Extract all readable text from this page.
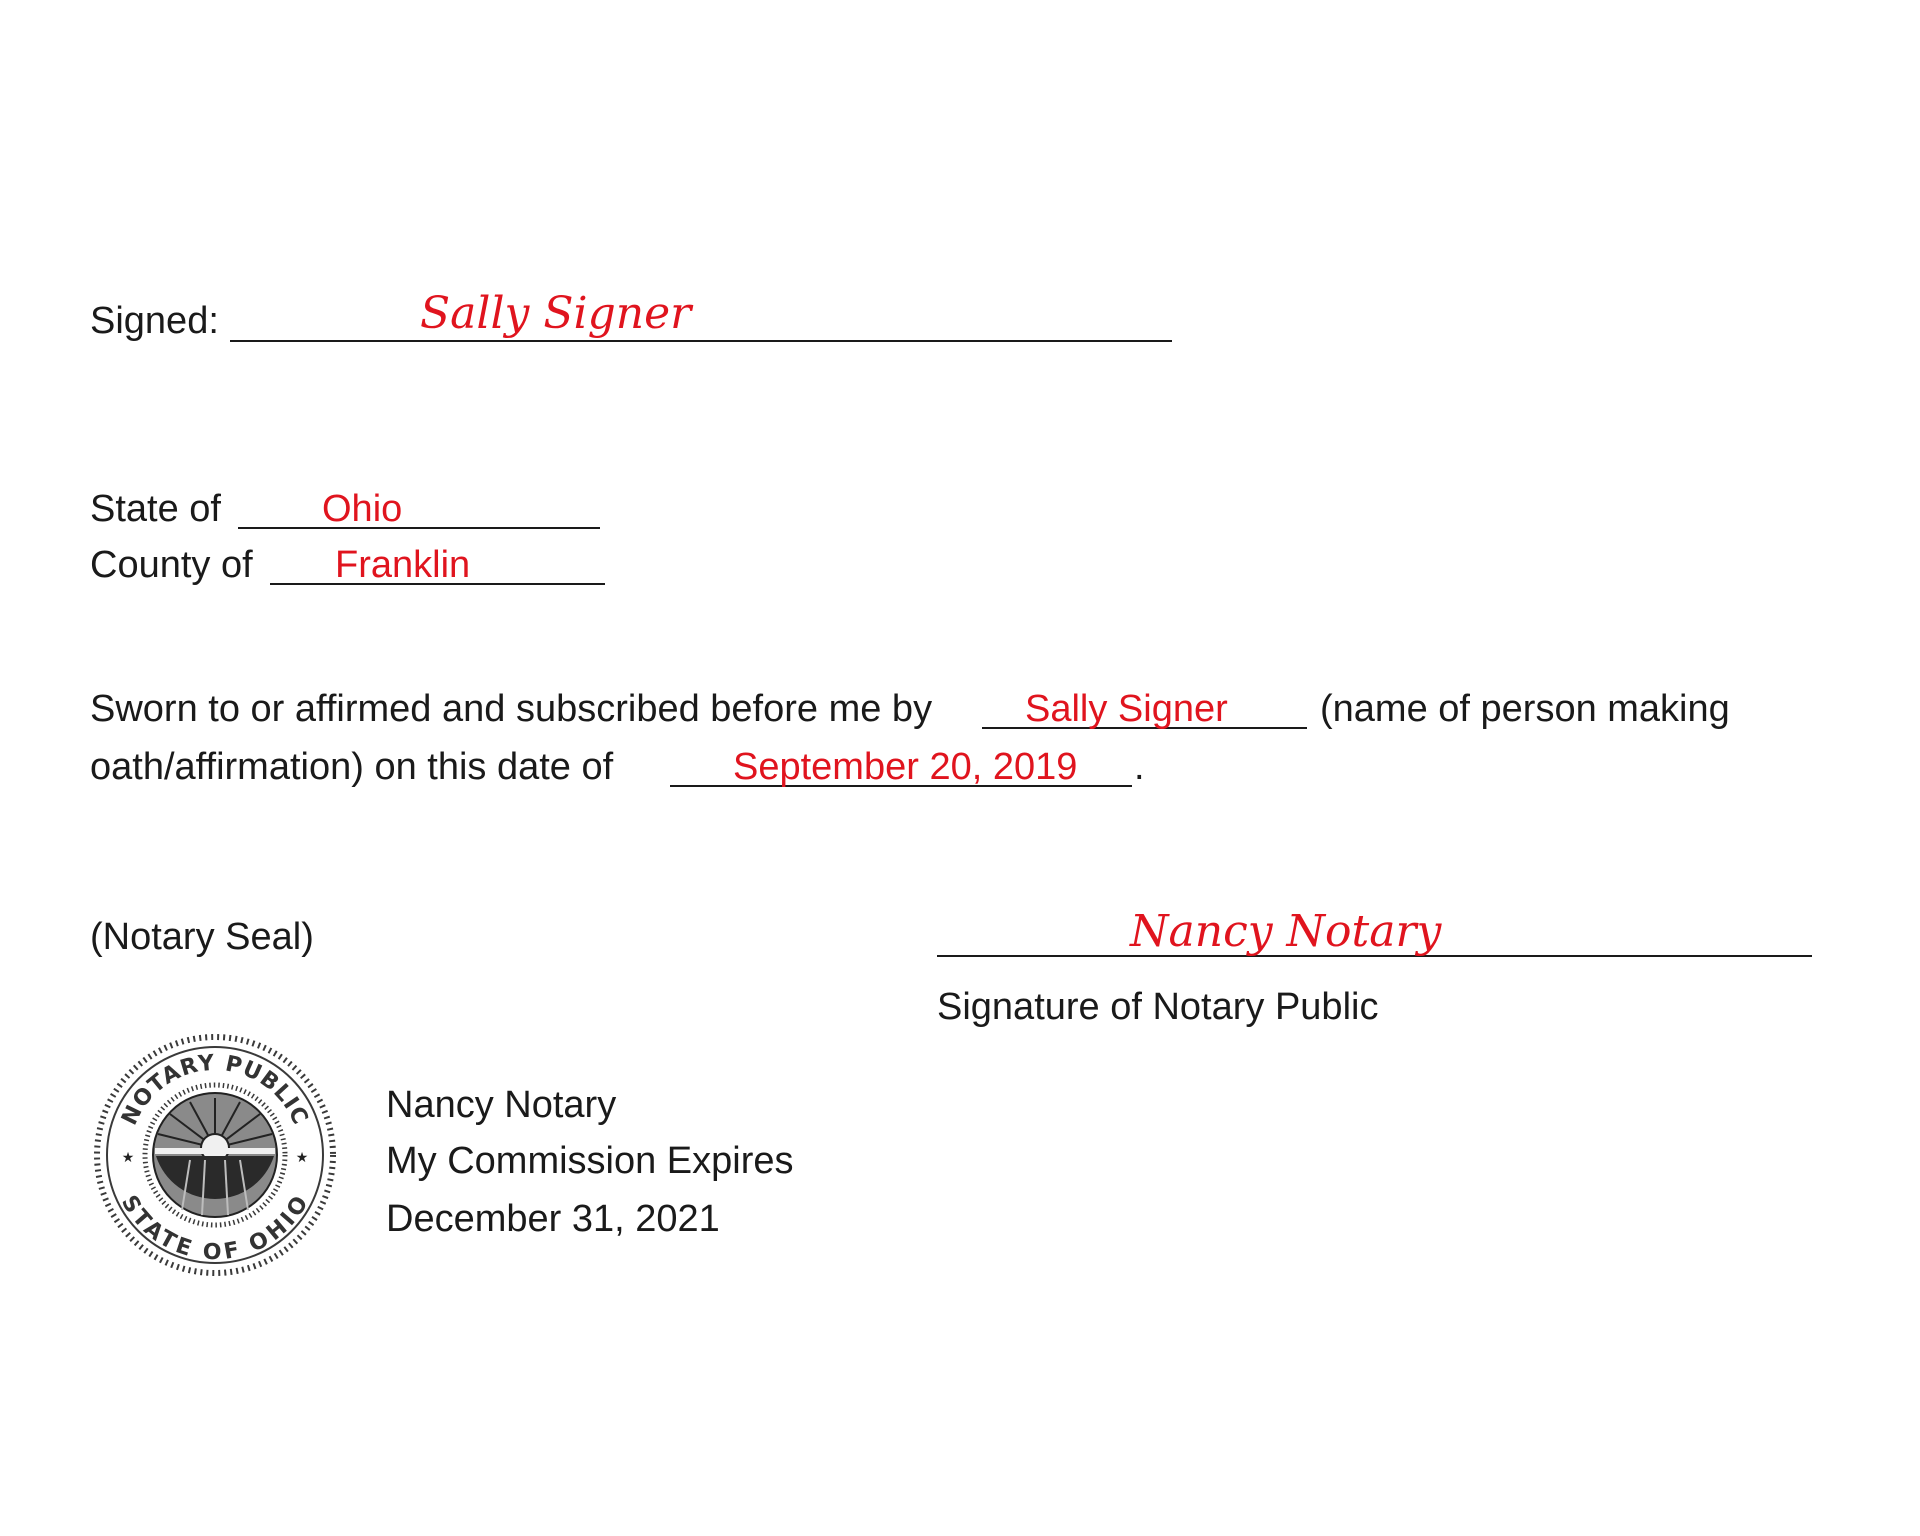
Signed:	Sally Signer
State of	Ohio
County of Franklin
Sworn to or affirmed and subscribed before me by Sally Signer (name of person making
oath/affirmation) on this date of	September 20, 2019 .
(Notary Seal)	Nancy Notary
Signature of Notary Public
★	★
NOTARY PUBLIC
STATE OF OHIO
Nancy Notary
My Commission Expires
December 31, 2021
